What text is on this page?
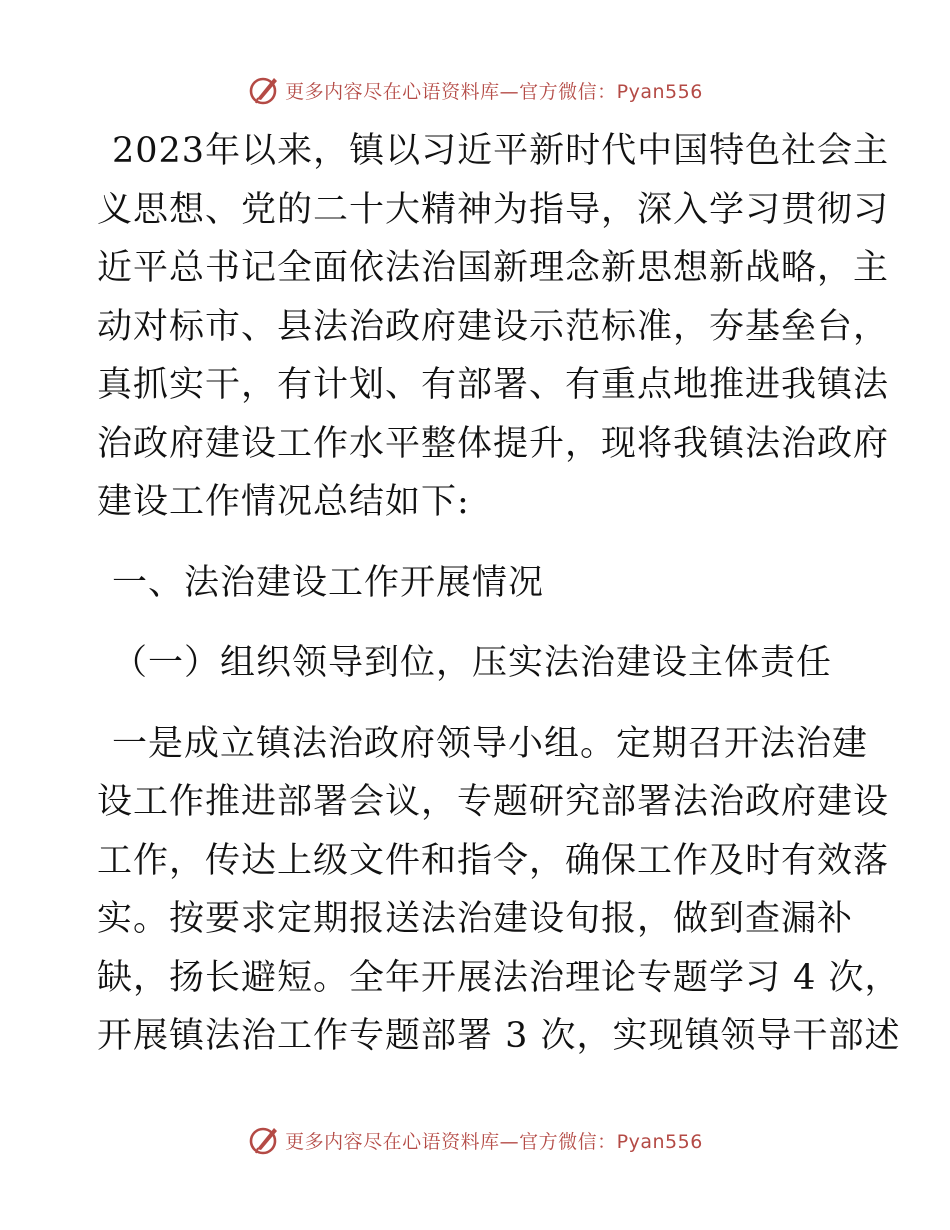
更多内容尽在心语资料库—官方微信：Pyan556
2023年以来，镇以习近平新时代中国特色社会主
义思想、党的二十大精神为指导，深入学习贯彻习
近平总书记全面依法治国新理念新思想新战略，主
动对标市、县法治政府建设示范标准，夯基垒台，
真抓实干，有计划、有部署、有重点地推进我镇法
治政府建设工作水平整体提升，现将我镇法治政府
建设工作情况总结如下:
一、法治建设工作开展情况
（一）组织领导到位，压实法治建设主体责任
一是成立镇法治政府领导小组。定期召开法治建
设工作推进部署会议，专题研究部署法治政府建设
工作，传达上级文件和指令，确保工作及时有效落
实。按要求定期报送法治建设旬报，做到查漏补
缺，扬长避短。全年开展法治理论专题学习 4 次，
开展镇法治工作专题部署 3 次，实现镇领导干部述
更多内容尽在心语资料库—官方微信：Pyan556
